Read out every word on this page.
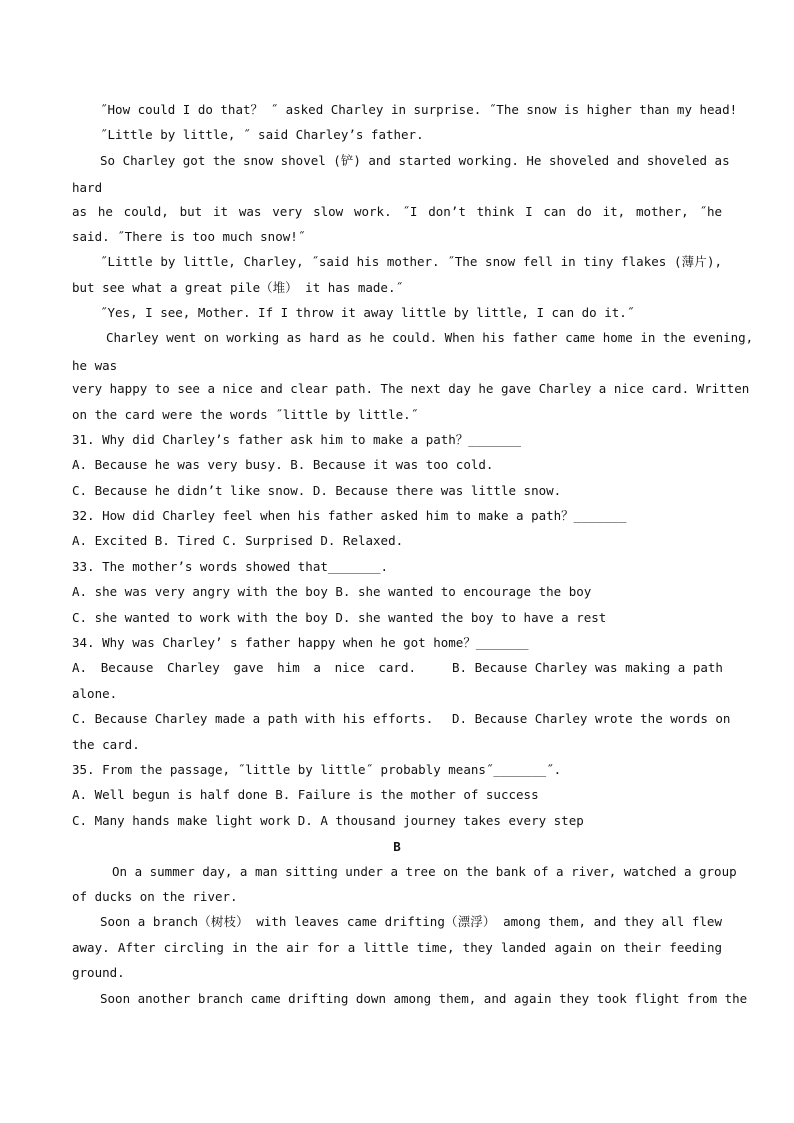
˝How could I do that？ ˝ asked Charley in surprise. ˝The snow is higher than my head!
˝Little by little, ˝ said Charley’s father.
So Charley got the snow shovel (铲) and started working. He shoveled and shoveled as
hard
as he could, but it was very slow work. ˝I don’t think I can do it, mother, ˝he
said. ˝There is too much snow!˝
˝Little by little, Charley, ˝said his mother. ˝The snow fell in tiny flakes (薄片),
but see what a great pile（堆） it has made.˝
˝Yes, I see, Mother. If I throw it away little by little, I can do it.˝
Charley went on working as hard as he could. When his father came home in the evening,
he was
very happy to see a nice and clear path. The next day he gave Charley a nice card. Written
on the card were the words ˝little by little.˝
31. Why did Charley’s father ask him to make a path？_______
A. Because he was very busy. B. Because it was too cold.
C. Because he didn’t like snow. D. Because there was little snow.
32. How did Charley feel when his father asked him to make a path？_______
A. Excited B. Tired C. Surprised D. Relaxed.
33. The mother’s words showed that_______.
A. she was very angry with the boy B. she wanted to encourage the boy
C. she wanted to work with the boy D. she wanted the boy to have a rest
34. Why was Charley’ s father happy when he got home？_______
A. Because Charley gave him a nice card.	B. Because Charley was making a path
alone.
C. Because Charley made a path with his efforts. D. Because Charley wrote the words on
the card.
35. From the passage, ˝little by little˝ probably means˝_______˝.
A. Well begun is half done B. Failure is the mother of success
C. Many hands make light work D. A thousand journey takes every step
B
On a summer day, a man sitting under a tree on the bank of a river, watched a group
of ducks on the river.
Soon a branch（树枝） with leaves came drifting（漂浮） among them, and they all flew
away. After circling in the air for a little time, they landed again on their feeding
ground.
Soon another branch came drifting down among them, and again they took flight from the
